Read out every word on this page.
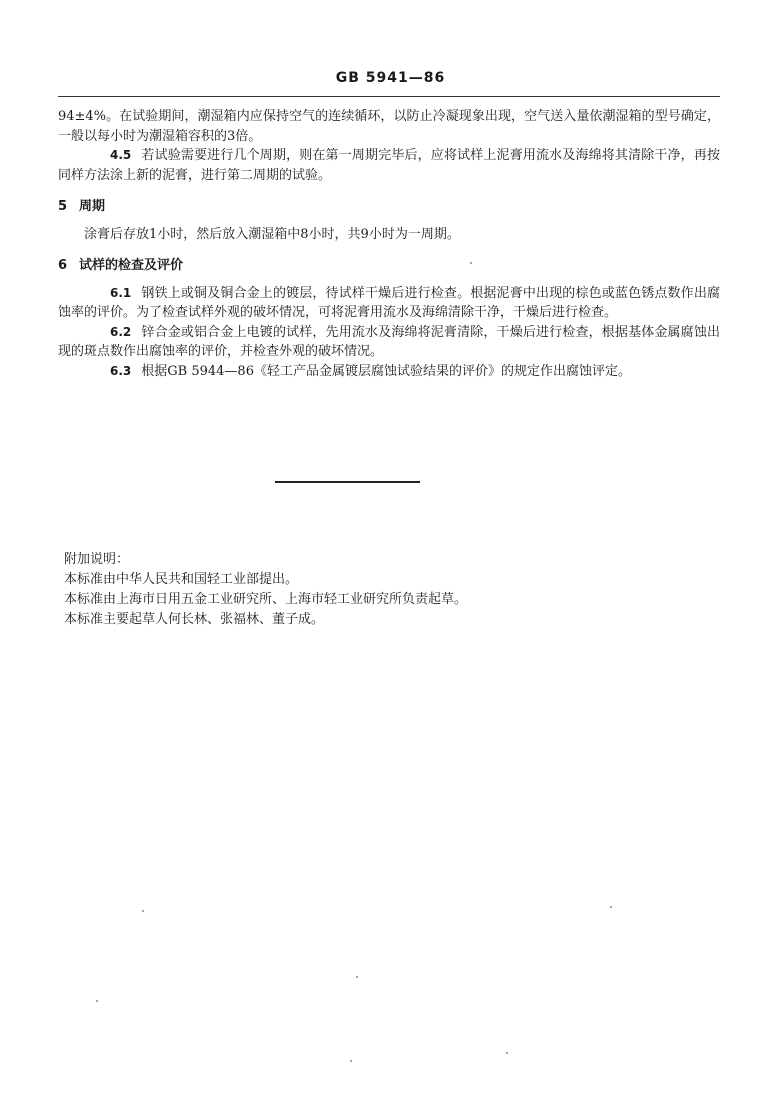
GB 5941—86

94±4%。在试验期间，潮湿箱内应保持空气的连续循环，以防止冷凝现象出现，空气送入量依潮湿箱的型号确定，一般以每小时为潮湿箱容积的3倍。

4.5 若试验需要进行几个周期，则在第一周期完毕后，应将试样上泥膏用流水及海绵将其清除干净，再按同样方法涂上新的泥膏，进行第二周期的试验。

5 周期

涂膏后存放1小时，然后放入潮湿箱中8小时，共9小时为一周期。

6 试样的检查及评价

6.1 钢铁上或铜及铜合金上的镀层，待试样干燥后进行检查。根据泥膏中出现的棕色或蓝色锈点数作出腐蚀率的评价。为了检查试样外观的破坏情况，可将泥膏用流水及海绵清除干净，干燥后进行检查。

6.2 锌合金或铝合金上电镀的试样，先用流水及海绵将泥膏清除，干燥后进行检查，根据基体金属腐蚀出现的斑点数作出腐蚀率的评价，并检查外观的破坏情况。

6.3 根据GB 5944—86《轻工产品金属镀层腐蚀试验结果的评价》的规定作出腐蚀评定。

附加说明：

本标准由中华人民共和国轻工业部提出。

本标准由上海市日用五金工业研究所、上海市轻工业研究所负责起草。

本标准主要起草人何长林、张福林、董子成。
